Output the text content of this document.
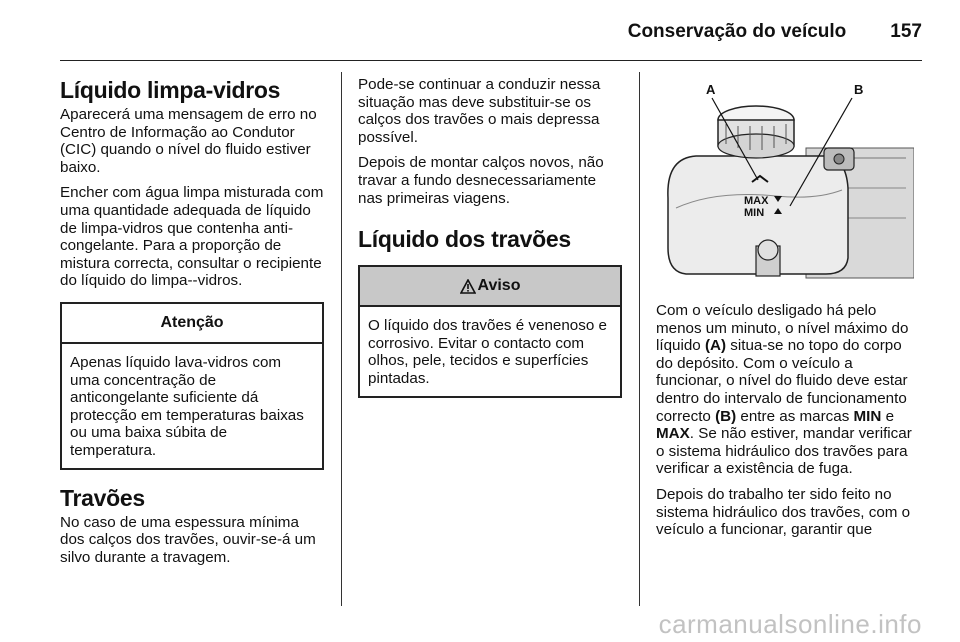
Conservação do veículo 157
Líquido limpa-vidros

Aparecerá uma mensagem de erro no Centro de Informação ao Condutor (CIC) quando o nível do fluido estiver baixo.

Encher com água limpa misturada com uma quantidade adequada de líquido de limpa-vidros que contenha anti-congelante. Para a proporção de mistura correcta, consultar o recipiente do líquido do limpa--vidros.

Atenção

Apenas líquido lava-vidros com uma concentração de anticongelante suficiente dá protecção em temperaturas baixas ou uma baixa súbita de temperatura.

Travões

No caso de uma espessura mínima dos calços dos travões, ouvir-se-á um silvo durante a travagem.

Pode-se continuar a conduzir nessa situação mas deve substituir-se os calços dos travões o mais depressa possível.

Depois de montar calços novos, não travar a fundo desnecessariamente nas primeiras viagens.

Líquido dos travões
Aviso

O líquido dos travões é venenoso e corrosivo. Evitar o contacto com olhos, pele, tecidos e superfícies pintadas.

MAX
MIN
A	B

Com o veículo desligado há pelo menos um minuto, o nível máximo do líquido (A) situa-se no topo do corpo do depósito. Com o veículo a funcionar, o nível do fluido deve estar dentro do intervalo de funcionamento correcto (B) entre as marcas MIN e MAX. Se não estiver, mandar verificar o sistema hidráulico dos travões para verificar a existência de fuga.

Depois do trabalho ter sido feito no sistema hidráulico dos travões, com o veículo a funcionar, garantir que

carmanualsonline.info
